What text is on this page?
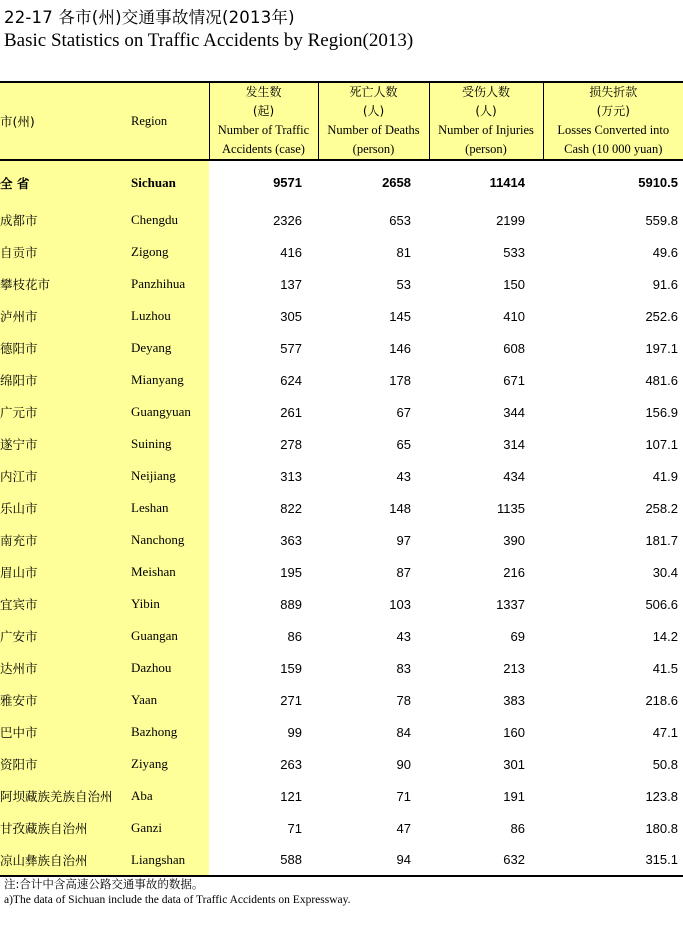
22-17 各市(州)交通事故情况(2013年)
Basic Statistics on Traffic Accidents by Region(2013)
市(州)	Region	发生数
(起)
Number of Traffic
Accidents (case)	死亡人数
(人)
Number of Deaths
(person)	受伤人数
(人)
Number of Injuries
(person)	损失折款
(万元)
Losses Converted into
Cash (10 000 yuan)

全 省	Sichuan	9571	2658	11414	5910.5
成都市	Chengdu	2326	653	2199	559.8
自贡市	Zigong	416	81	533	49.6
攀枝花市	Panzhihua	137	53	150	91.6
泸州市	Luzhou	305	145	410	252.6
德阳市	Deyang	577	146	608	197.1
绵阳市	Mianyang	624	178	671	481.6
广元市	Guangyuan	261	67	344	156.9
遂宁市	Suining	278	65	314	107.1
内江市	Neijiang	313	43	434	41.9
乐山市	Leshan	822	148	1135	258.2
南充市	Nanchong	363	97	390	181.7
眉山市	Meishan	195	87	216	30.4
宜宾市	Yibin	889	103	1337	506.6
广安市	Guangan	86	43	69	14.2
达州市	Dazhou	159	83	213	41.5
雅安市	Yaan	271	78	383	218.6
巴中市	Bazhong	99	84	160	47.1
资阳市	Ziyang	263	90	301	50.8
阿坝藏族羌族自治州	Aba	121	71	191	123.8
甘孜藏族自治州	Ganzi	71	47	86	180.8
凉山彝族自治州	Liangshan	588	94	632	315.1
注:合计中含高速公路交通事故的数据。
a)The data of Sichuan include the data of Traffic Accidents on Expressway.
